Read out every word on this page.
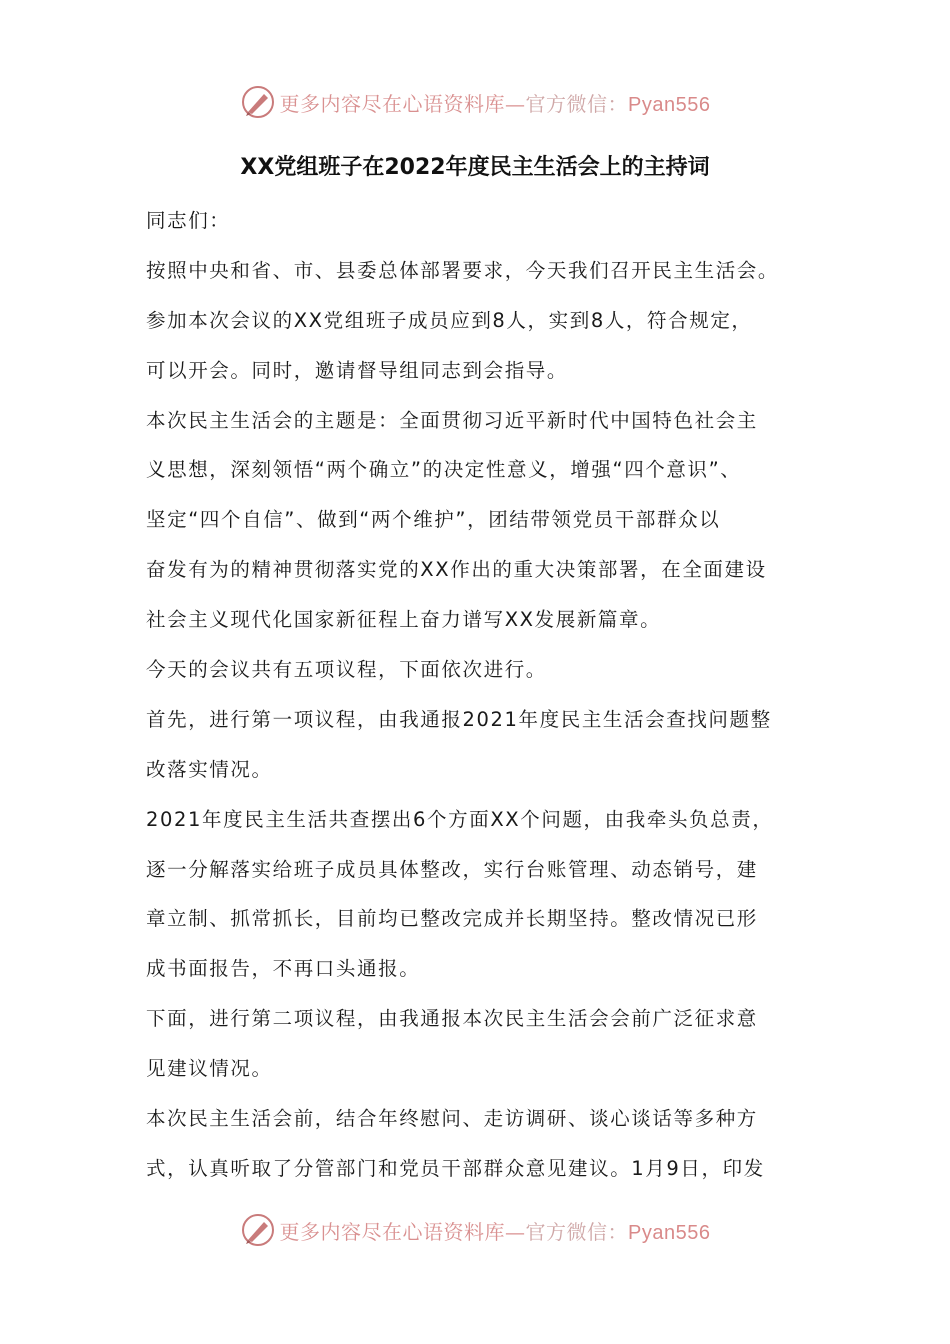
更多内容尽在心语资料库—官方微信：Pyan556
XX党组班子在2022年度民主生活会上的主持词
同志们：
按照中央和省、市、县委总体部署要求，今天我们召开民主生活会。
参加本次会议的XX党组班子成员应到8人，实到8人，符合规定，
可以开会。同时，邀请督导组同志到会指导。
本次民主生活会的主题是：全面贯彻习近平新时代中国特色社会主
义思想，深刻领悟“两个确立”的决定性意义，增强“四个意识”、
坚定“四个自信”、做到“两个维护”，团结带领党员干部群众以
奋发有为的精神贯彻落实党的XX作出的重大决策部署，在全面建设
社会主义现代化国家新征程上奋力谱写XX发展新篇章。
今天的会议共有五项议程，下面依次进行。
首先，进行第一项议程，由我通报2021年度民主生活会查找问题整
改落实情况。
2021年度民主生活共查摆出6个方面XX个问题，由我牵头负总责，
逐一分解落实给班子成员具体整改，实行台账管理、动态销号，建
章立制、抓常抓长，目前均已整改完成并长期坚持。整改情况已形
成书面报告，不再口头通报。
下面，进行第二项议程，由我通报本次民主生活会会前广泛征求意
见建议情况。
本次民主生活会前，结合年终慰问、走访调研、谈心谈话等多种方
式，认真听取了分管部门和党员干部群众意见建议。1月9日，印发
更多内容尽在心语资料库—官方微信：Pyan556
